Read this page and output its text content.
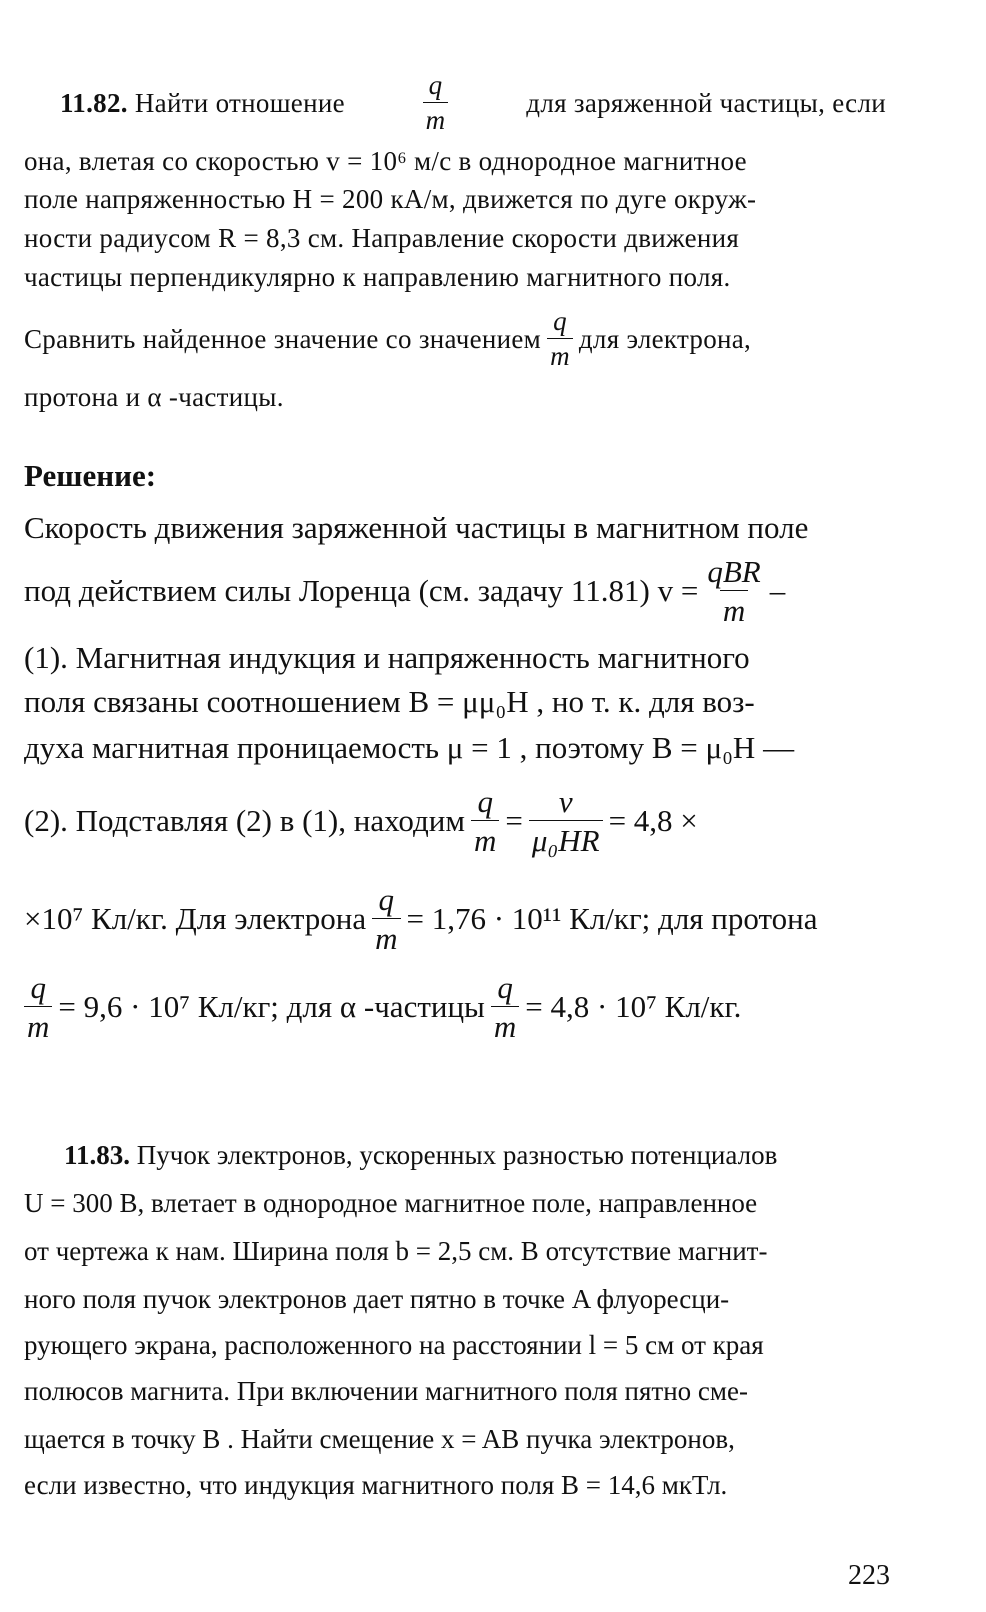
11.82. Найти отношение	$\frac{q}{m}$	для заряженной частицы, если
она, влетая со скоростью v = 10⁶ м/с в однородное магнитное
поле напряженностью H = 200 кА/м, движется по дуге окруж-
ности радиусом R = 8,3 см. Направление скорости движения
частицы перпендикулярно к направлению магнитного поля.
Сравнить найденное значение со значением $\frac{q}{m}$ для электрона,
протона и α -частицы.
Решение:
Скорость движения заряженной частицы в магнитном поле
под действием силы Лоренца (см. задачу 11.81) $v = \frac{\text{qBR}}{m}$ –
(1). Магнитная индукция и напряженность магнитного
поля связаны соотношением B = μμ₀H , но т. к. для воз-
духа магнитная проницаемость μ = 1 , поэтому B = μ₀H —
(2). Подставляя (2) в (1), находим $\frac{q}{m} = \frac{v}{\text{μ₀HR}} = 4,8$ ×
×10⁷ Кл/кг. Для электрона $\frac{q}{m} = 1,76 \cdot 10^{11}$ Кл/кг; для протона
$\frac{q}{m} = 9,6 \cdot 10^7$ Кл/кг; для α -частицы $\frac{q}{m} = 4,8 \cdot 10^7$ Кл/кг.
11.83.
Пучок электронов, ускоренных разностью потенциалов
U = 300 В, влетает в однородное магнитное поле, направленное
от чертежа к нам. Ширина поля b = 2,5 см. В отсутствие магнит-
ного поля пучок электронов дает пятно в точке A флуоресци-
рующего экрана, расположенного на расстоянии l = 5 см от края
полюсов магнита. При включении магнитного поля пятно сме-
щается в точку B . Найти смещение x = AB пучка электронов,
если известно, что индукция магнитного поля B = 14,6 мкТл.
223
